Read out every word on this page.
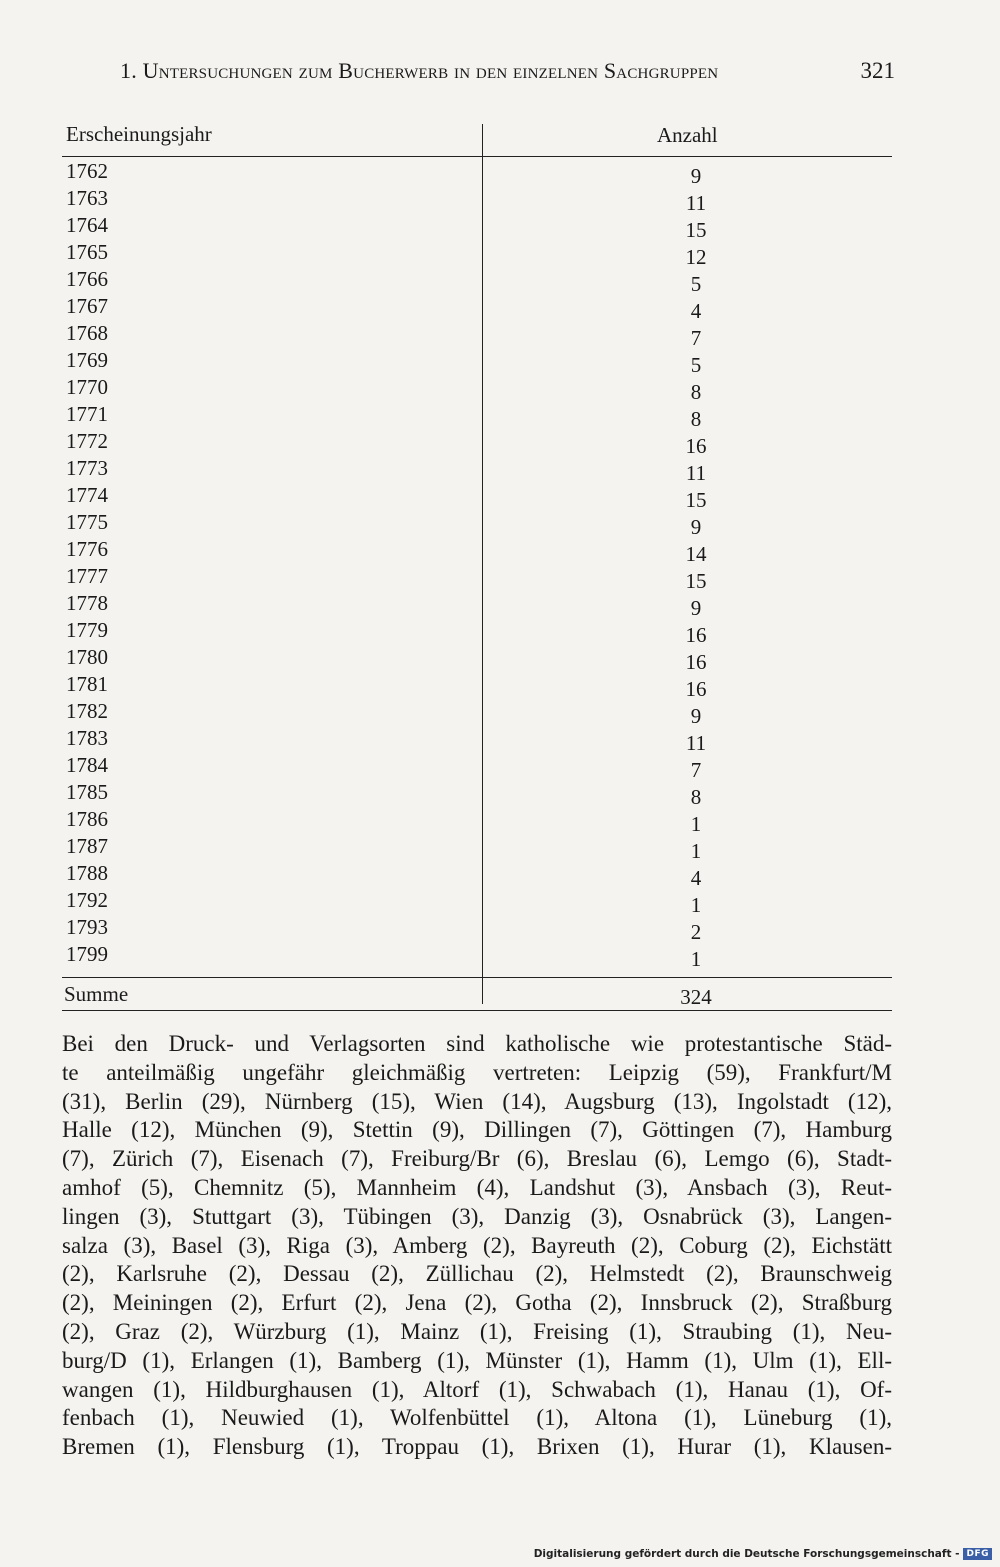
1. Untersuchungen zum Bucherwerb in den einzelnen Sachgruppen	321
Erscheinungsjahr	Anzahl
1762	9
1763	11
1764	15
1765	12
1766	5
1767	4
1768	7
1769	5
1770	8
1771	8
1772	16
1773	11
1774	15
1775	9
1776	14
1777	15
1778	9
1779	16
1780	16
1781	16
1782	9
1783	11
1784	7
1785	8
1786	1
1787	1
1788	4
1792	1
1793	2
1799	1
Summe	324
Bei den Druck- und Verlagsorten sind katholische wie protestantische Städ-
te anteilmäßig ungefähr gleichmäßig vertreten: Leipzig (59), Frankfurt/M
(31), Berlin (29), Nürnberg (15), Wien (14), Augsburg (13), Ingolstadt (12),
Halle (12), München (9), Stettin (9), Dillingen (7), Göttingen (7), Hamburg
(7), Zürich (7), Eisenach (7), Freiburg/Br (6), Breslau (6), Lemgo (6), Stadt-
amhof (5), Chemnitz (5), Mannheim (4), Landshut (3), Ansbach (3), Reut-
lingen (3), Stuttgart (3), Tübingen (3), Danzig (3), Osnabrück (3), Langen-
salza (3), Basel (3), Riga (3), Amberg (2), Bayreuth (2), Coburg (2), Eichstätt
(2), Karlsruhe (2), Dessau (2), Züllichau (2), Helmstedt (2), Braunschweig
(2), Meiningen (2), Erfurt (2), Jena (2), Gotha (2), Innsbruck (2), Straßburg
(2), Graz (2), Würzburg (1), Mainz (1), Freising (1), Straubing (1), Neu-
burg/D (1), Erlangen (1), Bamberg (1), Münster (1), Hamm (1), Ulm (1), Ell-
wangen (1), Hildburghausen (1), Altorf (1), Schwabach (1), Hanau (1), Of-
fenbach (1), Neuwied (1), Wolfenbüttel (1), Altona (1), Lüneburg (1),
Bremen (1), Flensburg (1), Troppau (1), Brixen (1), Hurar (1), Klausen-
Digitalisierung gefördert durch die Deutsche Forschungsgemeinschaft - DFG
